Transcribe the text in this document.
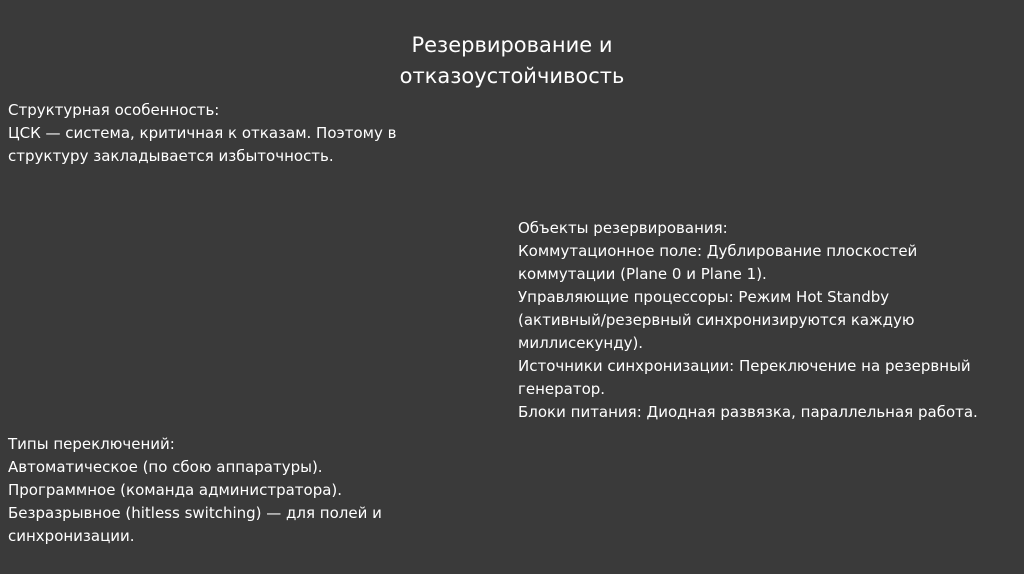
Резервирование и
отказоустойчивость
Структурная особенность:
ЦСК — система, критичная к отказам. Поэтому в
структуру закладывается избыточность.
Объекты резервирования:
Коммутационное поле: Дублирование плоскостей
коммутации (Plane 0 и Plane 1).
Управляющие процессоры: Режим Hot Standby
(активный/резервный синхронизируются каждую
миллисекунду).
Источники синхронизации: Переключение на резервный
генератор.
Блоки питания: Диодная развязка, параллельная работа.
Типы переключений:
Автоматическое (по сбою аппаратуры).
Программное (команда администратора).
Безразрывное (hitless switching) — для полей и
синхронизации.
